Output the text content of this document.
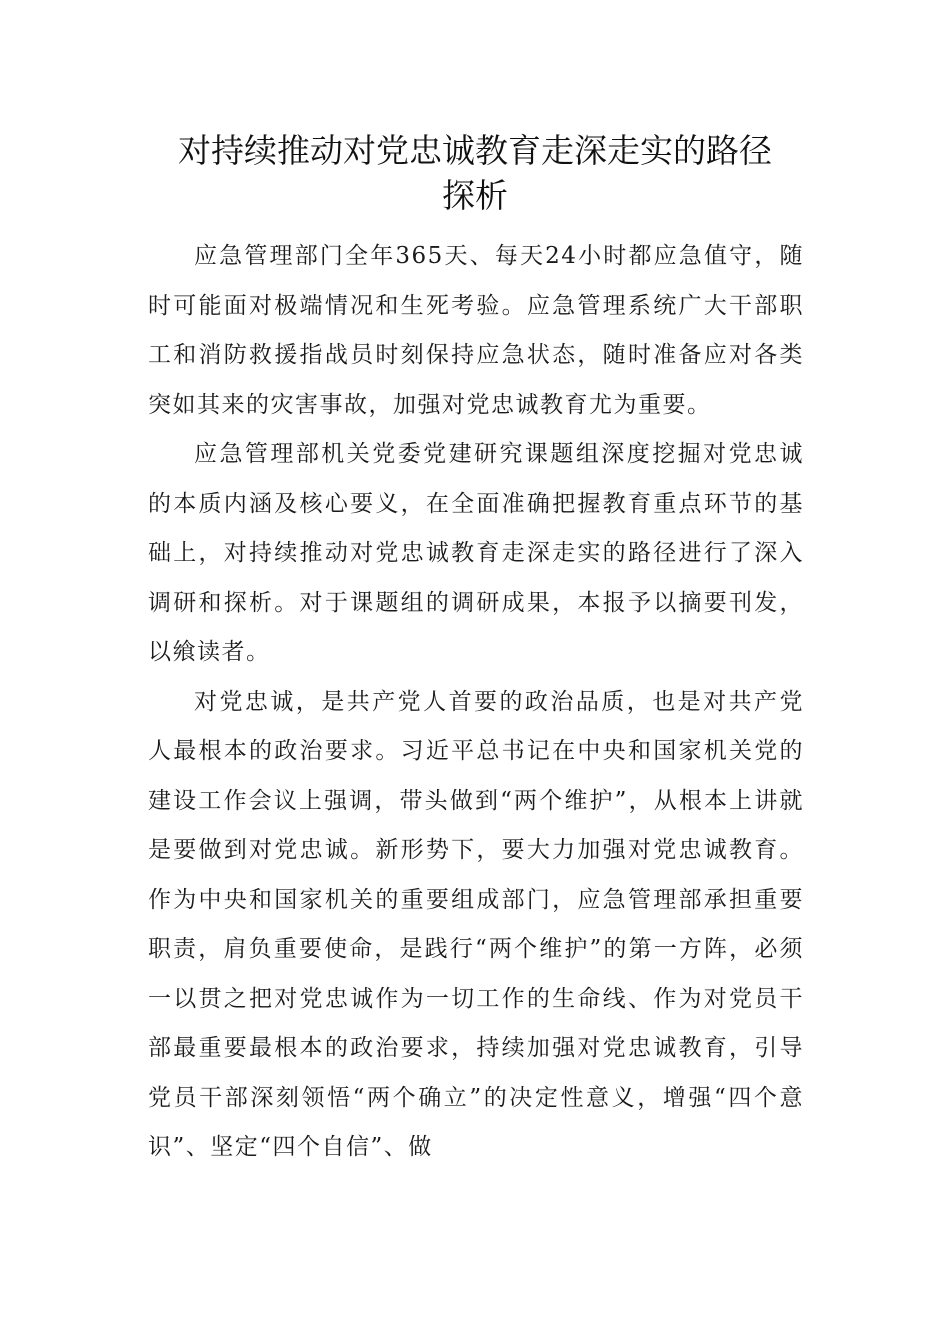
对持续推动对党忠诚教育走深走实的路径
探析

应急管理部门全年365天、每天24小时都应急值守，随时可能面对极端情况和生死考验。应急管理系统广大干部职工和消防救援指战员时刻保持应急状态，随时准备应对各类突如其来的灾害事故，加强对党忠诚教育尤为重要。

应急管理部机关党委党建研究课题组深度挖掘对党忠诚的本质内涵及核心要义，在全面准确把握教育重点环节的基础上，对持续推动对党忠诚教育走深走实的路径进行了深入调研和探析。对于课题组的调研成果，本报予以摘要刊发，以飨读者。

对党忠诚，是共产党人首要的政治品质，也是对共产党人最根本的政治要求。习近平总书记在中央和国家机关党的建设工作会议上强调，带头做到“两个维护”，从根本上讲就是要做到对党忠诚。新形势下，要大力加强对党忠诚教育。作为中央和国家机关的重要组成部门，应急管理部承担重要职责，肩负重要使命，是践行“两个维护”的第一方阵，必须一以贯之把对党忠诚作为一切工作的生命线、作为对党员干部最重要最根本的政治要求，持续加强对党忠诚教育，引导党员干部深刻领悟“两个确立”的决定性意义，增强“四个意识”、坚定“四个自信”、做
